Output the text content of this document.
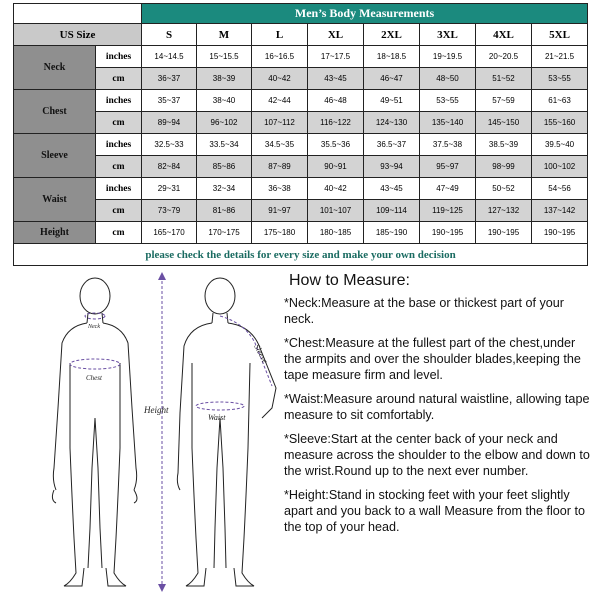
		Men’s Body Measurements							
US Size		S	M	L	XL	2XL	3XL	4XL	5XL
Neck	inches	14~14.5	15~15.5	16~16.5	17~17.5	18~18.5	19~19.5	20~20.5	21~21.5
	cm	36~37	38~39	40~42	43~45	46~47	48~50	51~52	53~55
Chest	inches	35~37	38~40	42~44	46~48	49~51	53~55	57~59	61~63
	cm	89~94	96~102	107~112	116~122	124~130	135~140	145~150	155~160
Sleeve	inches	32.5~33	33.5~34	34.5~35	35.5~36	36.5~37	37.5~38	38.5~39	39.5~40
	cm	82~84	85~86	87~89	90~91	93~94	95~97	98~99	100~102
Waist	inches	29~31	32~34	36~38	40~42	43~45	47~49	50~52	54~56
	cm	73~79	81~86	91~97	101~107	109~114	119~125	127~132	137~142
Height	cm	165~170	170~175	175~180	180~185	185~190	190~195	190~195	190~195
please check the details for every size and make your own decision									
Neck
Chest
Height
Sleeve
Waist
How to Measure:
*Neck:Measure at the base or thickest part of your neck.
*Chest:Measure at the fullest part of the chest,under the armpits and over the shoulder blades,keeping the tape measure firm and level.
*Waist:Measure around natural waistline, allowing tape measure to sit comfortably.
*Sleeve:Start at the center back of your neck and measure across the shoulder to the elbow and down to the wrist.Round up to the next ever number.
*Height:Stand in stocking feet with your feet slightly apart and you back to a wall Measure from the floor to the top of your head.
